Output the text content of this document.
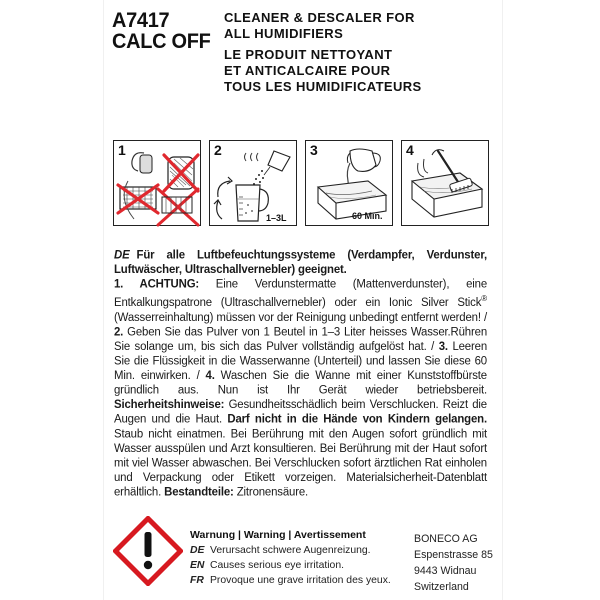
A7417
CALC OFF
CLEANER & DESCALER FOR
ALL HUMIDIFIERS
LE PRODUIT NETTOYANT
ET ANTICALCAIRE POUR
TOUS LES HUMIDIFICATEURS
1	2
1–3L
3
60 Min.
4

DE Für alle Luftbefeuchtungssysteme (Verdampfer, Verdunster, Luftwäscher, Ultraschallvernebler) geeignet.
1. ACHTUNG: Eine Verdunstermatte (Mattenverdunster), eine Entkalkungspatrone (Ultraschallvernebler) oder ein Ionic Silver Stick® (Wasserreinhaltung) müssen vor der Reinigung unbedingt entfernt werden! / 2. Geben Sie das Pulver von 1 Beutel in 1–3 Liter heisses Wasser.Rühren Sie solange um, bis sich das Pulver vollständig aufgelöst hat. / 3. Leeren Sie die Flüssigkeit in die Wasserwanne (Unterteil) und lassen Sie diese 60 Min. einwirken. / 4. Waschen Sie die Wanne mit einer Kunststoffbürste gründlich aus. Nun ist Ihr Gerät wieder betriebsbereit. Sicherheitshinweise: Gesundheitsschädlich beim Verschlucken. Reizt die Augen und die Haut. Darf nicht in die Hände von Kindern gelangen. Staub nicht einatmen. Bei Berührung mit den Augen sofort gründlich mit Wasser ausspülen und Arzt konsultieren. Bei Berührung mit der Haut sofort mit viel Wasser abwaschen. Bei Verschlucken sofort ärztlichen Rat einholen und Verpackung oder Etikett vorzeigen. Materialsicherheit-Datenblatt erhältlich. Bestandteile: Zitronensäure.

Warnung | Warning | Avertissement
DE Verursacht schwere Augenreizung.
EN Causes serious eye irritation.
FR Provoque une grave irritation des yeux.
BONECO AG
Espenstrasse 85
9443 Widnau
Switzerland
